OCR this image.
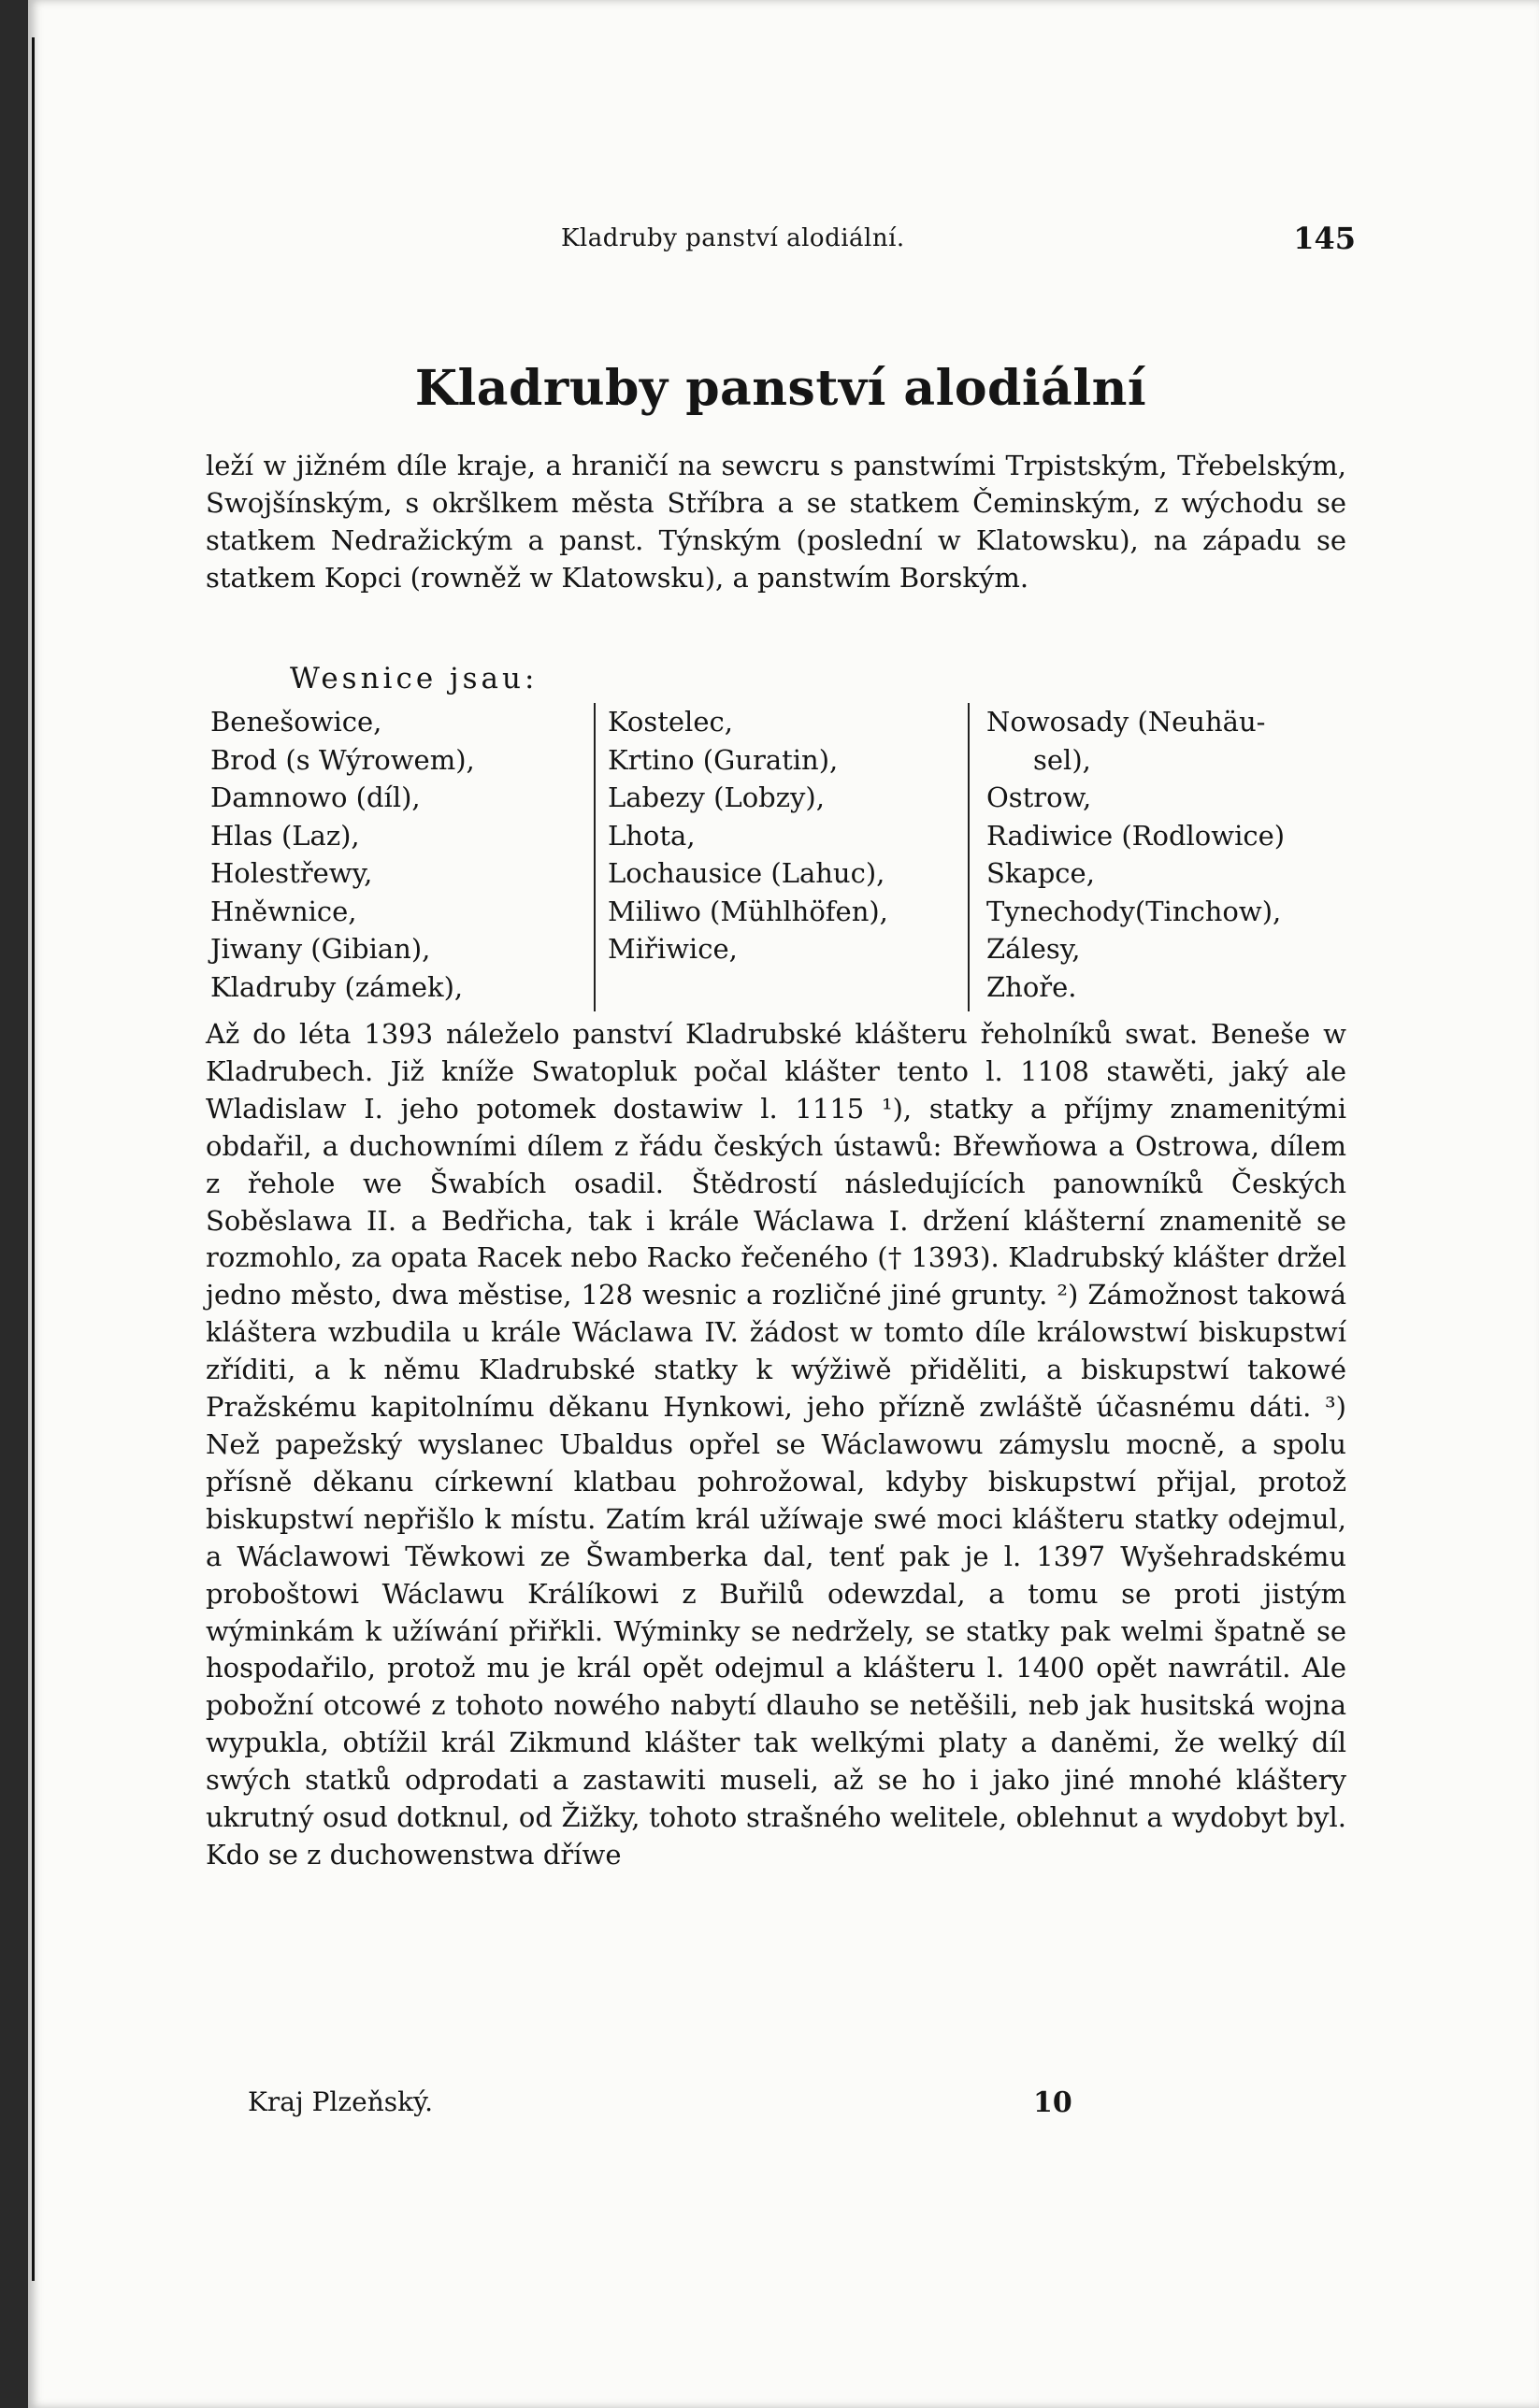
Kladruby panství alodiální.	145
Kladruby panství alodiální

leží w jižném díle kraje, a hraničí na sewcru s panstwími Trpistským, Třebelským, Swojšínským, s okršlkem města Stříbra a se statkem Čeminským, z wýchodu se statkem Nedražickým a panst. Týnským (poslední w Klatowsku), na západu se statkem Kopci (rowněž w Klatowsku), a panstwím Borským.

Wesnice jsau:

Benešowice,
Brod (s Wýrowem),
Damnowo (díl),
Hlas (Laz),
Holestřewy,
Hněwnice,
Jiwany (Gibian),
Kladruby (zámek),
Kostelec,
Krtino (Guratin),
Labezy (Lobzy),
Lhota,
Lochausice (Lahuc),
Miliwo (Mühlhöfen),
Miřiwice,
Nowosady (Neuhäu-
sel),
Ostrow,
Radiwice (Rodlowice)
Skapce,
Tynechody(Tinchow),
Zálesy,
Zhoře.

Až do léta 1393 náleželo panství Kladrubské klášteru řeholníků swat. Beneše w Kladrubech. Již kníže Swatopluk počal klášter tento l. 1108 stawěti, jaký ale Wladislaw I. jeho potomek dostawiw l. 1115 ¹), statky a příjmy znamenitými obdařil, a duchowními dílem z řádu českých ústawů: Břewňowa a Ostrowa, dílem z řehole we Šwabích osadil. Štědrostí následujících panowníků Českých Soběslawa II. a Bedřicha, tak i krále Wáclawa I. držení klášterní znamenitě se rozmohlo, za opata Racek nebo Racko řečeného († 1393). Kladrubský klášter držel jedno město, dwa městise, 128 wesnic a rozličné jiné grunty. ²) Zámožnost takowá kláštera wzbudila u krále Wáclawa IV. žádost w tomto díle králowstwí biskupstwí zříditi, a k němu Kladrubské statky k wýžiwě přiděliti, a biskupstwí takowé Pražskému kapitolnímu děkanu Hynkowi, jeho přízně zwláště účasnému dáti. ³) Než papežský wyslanec Ubaldus opřel se Wáclawowu zámyslu mocně, a spolu přísně děkanu církewní klatbau pohrožowal, kdyby biskupstwí přijal, protož biskupstwí nepřišlo k místu. Zatím král užíwaje swé moci klášteru statky odejmul, a Wáclawowi Těwkowi ze Šwamberka dal, tenť pak je l. 1397 Wyšehradskému proboštowi Wáclawu Králíkowi z Buřilů odewzdal, a tomu se proti jistým wýminkám k užíwání přiřkli. Wýminky se nedržely, se statky pak welmi špatně se hospodařilo, protož mu je král opět odejmul a klášteru l. 1400 opět nawrátil. Ale pobožní otcowé z tohoto nowého nabytí dlauho se netěšili, neb jak husitská wojna wypukla, obtížil král Zikmund klášter tak welkými platy a daněmi, že welký díl swých statků odprodati a zastawiti museli, až se ho i jako jiné mnohé kláštery ukrutný osud dotknul, od Žižky, tohoto strašného welitele, oblehnut a wydobyt byl. Kdo se z duchowenstwa dříwe

Kraj Plzeňský.	10
